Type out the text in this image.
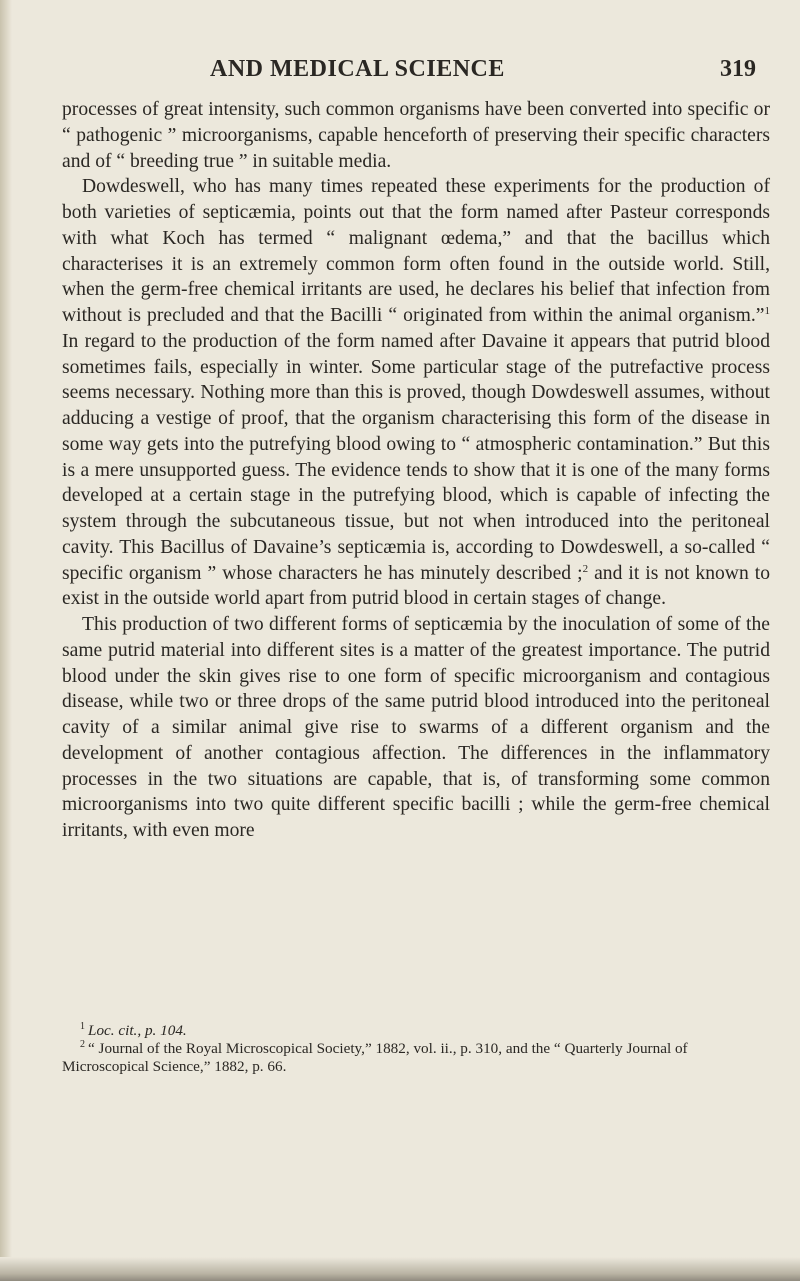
AND MEDICAL SCIENCE	319

processes of great intensity, such common organisms have been converted into specific or “ pathogenic ” microorganisms, capable henceforth of preserving their specific characters and of “ breeding true ” in suitable media.

Dowdeswell, who has many times repeated these experiments for the production of both varieties of septicæmia, points out that the form named after Pasteur corresponds with what Koch has termed “ malignant œdema,” and that the bacillus which characterises it is an extremely common form often found in the outside world. Still, when the germ-free chemical irritants are used, he declares his belief that infection from without is precluded and that the Bacilli “ originated from within the animal organism.”$^1$ In regard to the production of the form named after Davaine it appears that putrid blood sometimes fails, especially in winter. Some particular stage of the putrefactive process seems necessary. Nothing more than this is proved, though Dowdeswell assumes, without adducing a vestige of proof, that the organism characterising this form of the disease in some way gets into the putrefying blood owing to “ atmospheric contamination.” But this is a mere unsupported guess. The evidence tends to show that it is one of the many forms developed at a certain stage in the putrefying blood, which is capable of infecting the system through the subcutaneous tissue, but not when introduced into the peritoneal cavity. This Bacillus of Davaine’s septicæmia is, according to Dowdeswell, a so-called “ specific organism ” whose characters he has minutely described ;$^2$ and it is not known to exist in the outside world apart from putrid blood in certain stages of change.

This production of two different forms of septicæmia by the inoculation of some of the same putrid material into different sites is a matter of the greatest importance. The putrid blood under the skin gives rise to one form of specific microorganism and contagious disease, while two or three drops of the same putrid blood introduced into the peritoneal cavity of a similar animal give rise to swarms of a different organism and the development of another contagious affection. The differences in the inflammatory processes in the two situations are capable, that is, of transforming some common microorganisms into two quite different specific bacilli ; while the germ-free chemical irritants, with even more

$^1$ Loc. cit., p. 104.

$^2$ “ Journal of the Royal Microscopical Society,” 1882, vol. ii., p. 310, and the “ Quarterly Journal of Microscopical Science,” 1882, p. 66.
